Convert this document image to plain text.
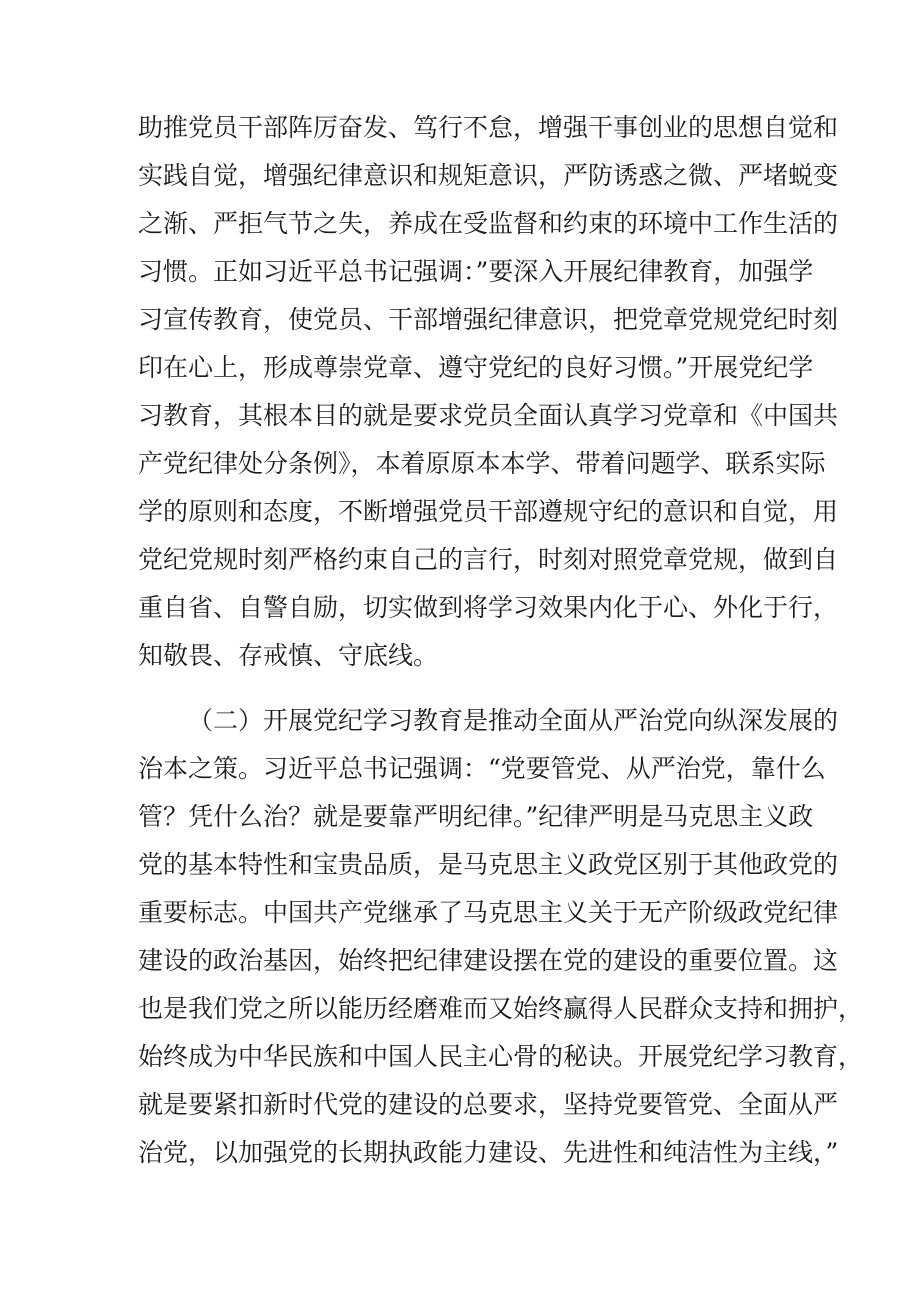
助推党员干部阵厉奋发、笃行不怠，增强干事创业的思想自觉和
实践自觉，增强纪律意识和规矩意识，严防诱惑之微、严堵蜕变
之渐、严拒气节之失，养成在受监督和约束的环境中工作生活的
习惯。正如习近平总书记强调：”要深入开展纪律教育，加强学
习宣传教育，使党员、干部增强纪律意识，把党章党规党纪时刻
印在心上，形成尊崇党章、遵守党纪的良好习惯。”开展党纪学
习教育，其根本目的就是要求党员全面认真学习党章和《中国共
产党纪律处分条例》，本着原原本本学、带着问题学、联系实际
学的原则和态度，不断增强党员干部遵规守纪的意识和自觉，用
党纪党规时刻严格约束自己的言行，时刻对照党章党规，做到自
重自省、自警自励，切实做到将学习效果内化于心、外化于行，
知敬畏、存戒慎、守底线。
（二）开展党纪学习教育是推动全面从严治党向纵深发展的
治本之策。习近平总书记强调：“党要管党、从严治党，靠什么
管？凭什么治？就是要靠严明纪律。”纪律严明是马克思主义政
党的基本特性和宝贵品质，是马克思主义政党区别于其他政党的
重要标志。中国共产党继承了马克思主义关于无产阶级政党纪律
建设的政治基因，始终把纪律建设摆在党的建设的重要位置。这
也是我们党之所以能历经磨难而又始终赢得人民群众支持和拥护，
始终成为中华民族和中国人民主心骨的秘诀。开展党纪学习教育，
就是要紧扣新时代党的建设的总要求，坚持党要管党、全面从严
治党，以加强党的长期执政能力建设、先进性和纯洁性为主线，”
